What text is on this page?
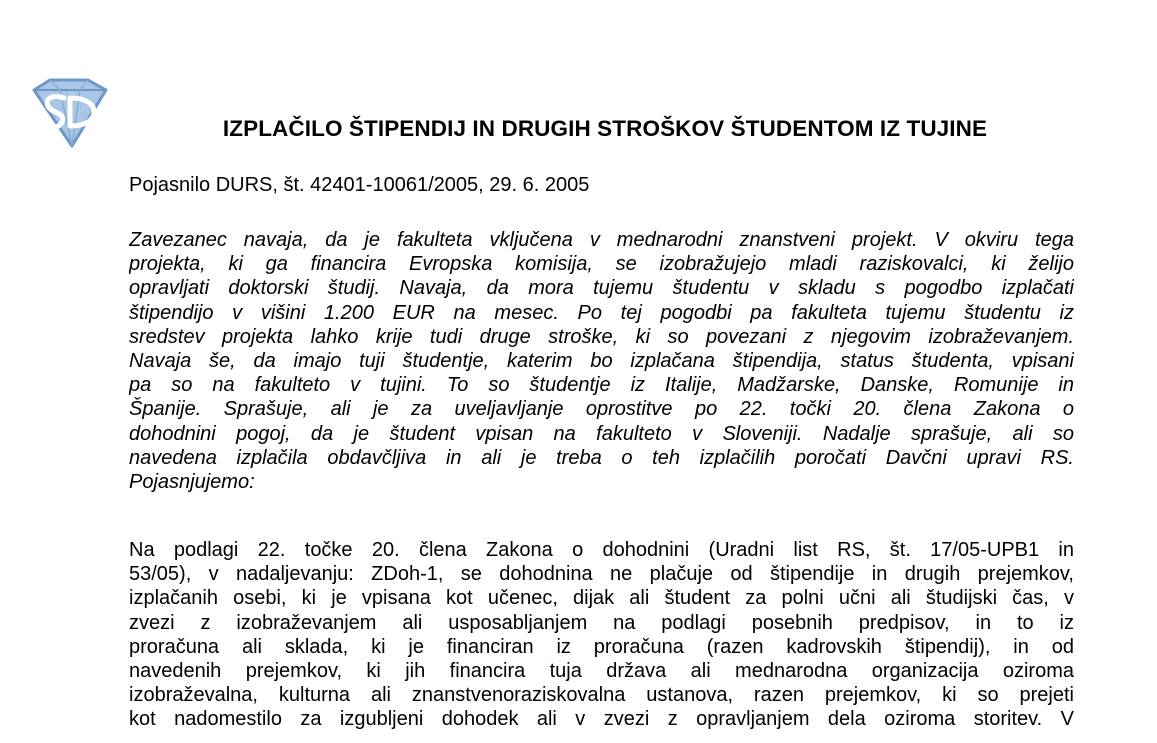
IZPLAČILO ŠTIPENDIJ IN DRUGIH STROŠKOV ŠTUDENTOM IZ TUJINE
Pojasnilo DURS, št. 42401-10061/2005, 29. 6. 2005
Zavezanec navaja, da je fakulteta vključena v mednarodni znanstveni projekt. V okviru tega
projekta, ki ga financira Evropska komisija, se izobražujejo mladi raziskovalci, ki želijo
opravljati doktorski študij. Navaja, da mora tujemu študentu v skladu s pogodbo izplačati
štipendijo v višini 1.200 EUR na mesec. Po tej pogodbi pa fakulteta tujemu študentu iz
sredstev projekta lahko krije tudi druge stroške, ki so povezani z njegovim izobraževanjem.
Navaja še, da imajo tuji študentje, katerim bo izplačana štipendija, status študenta, vpisani
pa so na fakulteto v tujini. To so študentje iz Italije, Madžarske, Danske, Romunije in
Španije. Sprašuje, ali je za uveljavljanje oprostitve po 22. točki 20. člena Zakona o
dohodnini pogoj, da je študent vpisan na fakulteto v Sloveniji. Nadalje sprašuje, ali so
navedena izplačila obdavčljiva in ali je treba o teh izplačilih poročati Davčni upravi RS.
Pojasnjujemo:
Na podlagi 22. točke 20. člena Zakona o dohodnini (Uradni list RS, št. 17/05-UPB1 in
53/05), v nadaljevanju: ZDoh-1, se dohodnina ne plačuje od štipendije in drugih prejemkov,
izplačanih osebi, ki je vpisana kot učenec, dijak ali študent za polni učni ali študijski čas, v
zvezi z izobraževanjem ali usposabljanjem na podlagi posebnih predpisov, in to iz
proračuna ali sklada, ki je financiran iz proračuna (razen kadrovskih štipendij), in od
navedenih prejemkov, ki jih financira tuja država ali mednarodna organizacija oziroma
izobraževalna, kulturna ali znanstvenoraziskovalna ustanova, razen prejemkov, ki so prejeti
kot nadomestilo za izgubljeni dohodek ali v zvezi z opravljanjem dela oziroma storitev. V
